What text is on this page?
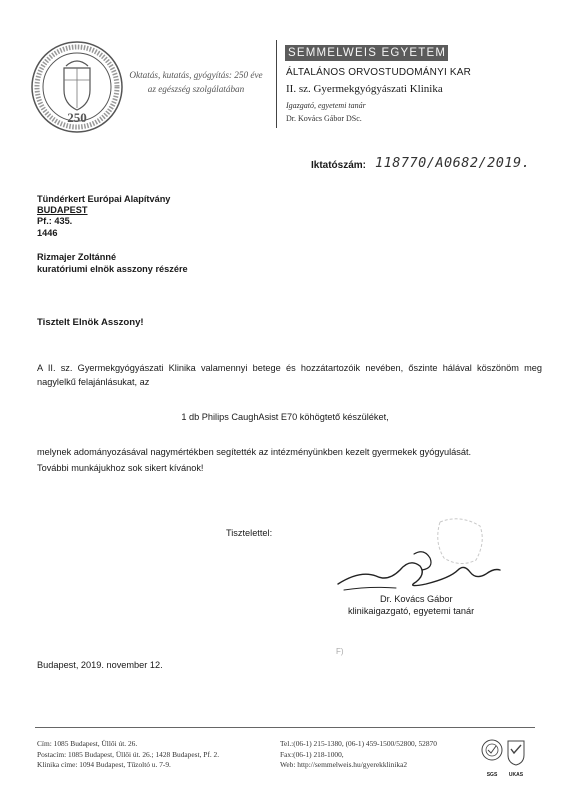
250
Oktatás, kutatás, gyógyítás: 250 éve
az egészség szolgálatában
SEMMELWEIS EGYETEM
ÁLTALÁNOS ORVOSTUDOMÁNYI KAR
II. sz. Gyermekgyógyászati Klinika
Igazgató, egyetemi tanár
Dr. Kovács Gábor DSc.
Iktatószám: 118770/A0682/2019.
Tündérkert Európai Alapítvány
BUDAPEST
Pf.: 435.
1446
Rizmajer Zoltánné
kuratóriumi elnök asszony részére
Tisztelt Elnök Asszony!
A II. sz. Gyermekgyógyászati Klinika valamennyi betege és hozzátartozóik nevében, őszinte hálával köszönöm meg nagylelkű felajánlásukat, az
1 db Philips CaughAsist E70 köhögtető készüléket,
melynek adományozásával nagymértékben segítették az intézményünkben kezelt gyermekek gyógyulását.
További munkájukhoz sok sikert kívánok!
Tisztelettel:
Dr. Kovács Gábor
klinikaigazgató, egyetemi tanár
F)
Budapest, 2019. november 12.
Cím: 1085 Budapest, Üllői út. 26.
Postacím: 1085 Budapest, Üllői út. 26.; 1428 Budapest, Pf. 2.
Klinika címe: 1094 Budapest, Tűzoltó u. 7-9.
Tel.:(06-1) 215-1380, (06-1) 459-1500/52800, 52870
Fax:(06-1) 218-1000,
Web: http://semmelweis.hu/gyerekklinika2
SGS	UKAS
